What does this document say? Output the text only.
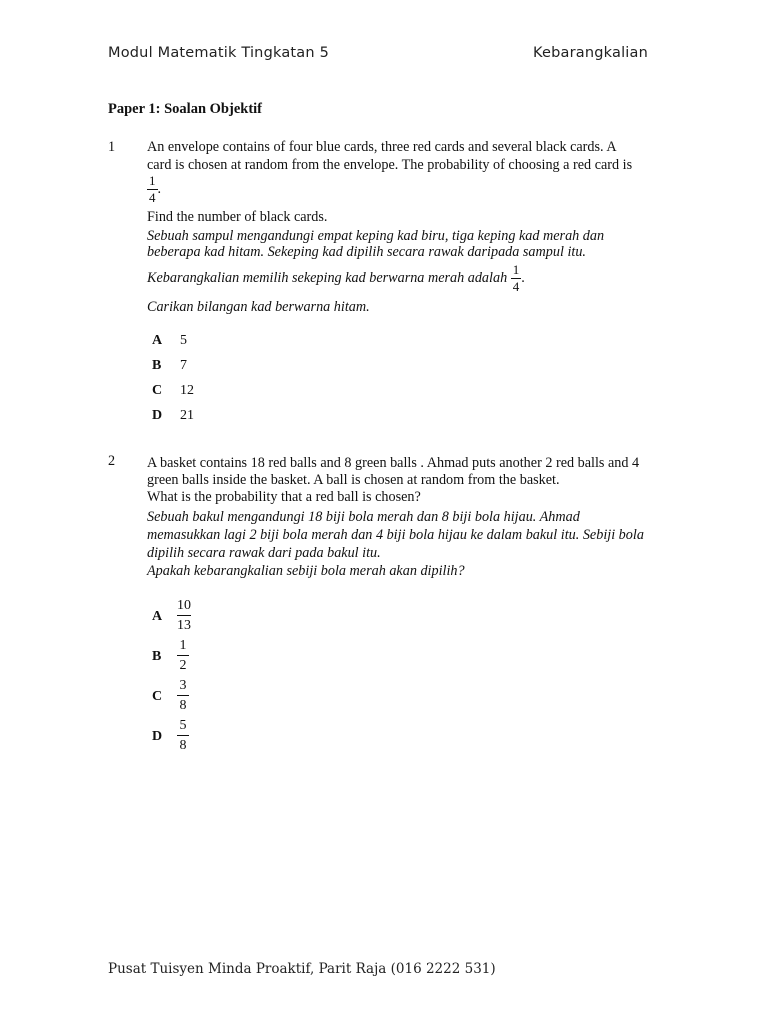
Modul Matematik Tingkatan 5	Kebarangkalian
Paper 1: Soalan Objektif
1 An envelope contains of four blue cards, three red cards and several black cards. A
card is chosen at random from the envelope. The probability of choosing a red card is
$\frac{1}{4}$ .
Find the number of black cards.
Sebuah sampul mengandungi empat keping kad biru, tiga keping kad merah dan
beberapa kad hitam. Sekeping kad dipilih secara rawak daripada sampul itu.
Kebarangkalian memilih sekeping kad berwarna merah adalah $\frac{1}{4}$ .
Carikan bilangan kad berwarna hitam.
A 5
B 7
C 12
D 21
2 A basket contains 18 red balls and 8 green balls . Ahmad puts another 2 red balls and 4
green balls inside the basket. A ball is chosen at random from the basket.
What is the probability that a red ball is chosen?
Sebuah bakul mengandungi 18 biji bola merah dan 8 biji bola hijau. Ahmad
memasukkan lagi 2 biji bola merah dan 4 biji bola hijau ke dalam bakul itu. Sebiji bola
dipilih secara rawak dari pada bakul itu.
Apakah kebarangkalian sebiji bola merah akan dipilih?
A
10
13
B
1
2
C
3
8
D
5
8
Pusat Tuisyen Minda Proaktif, Parit Raja (016 2222 531)
